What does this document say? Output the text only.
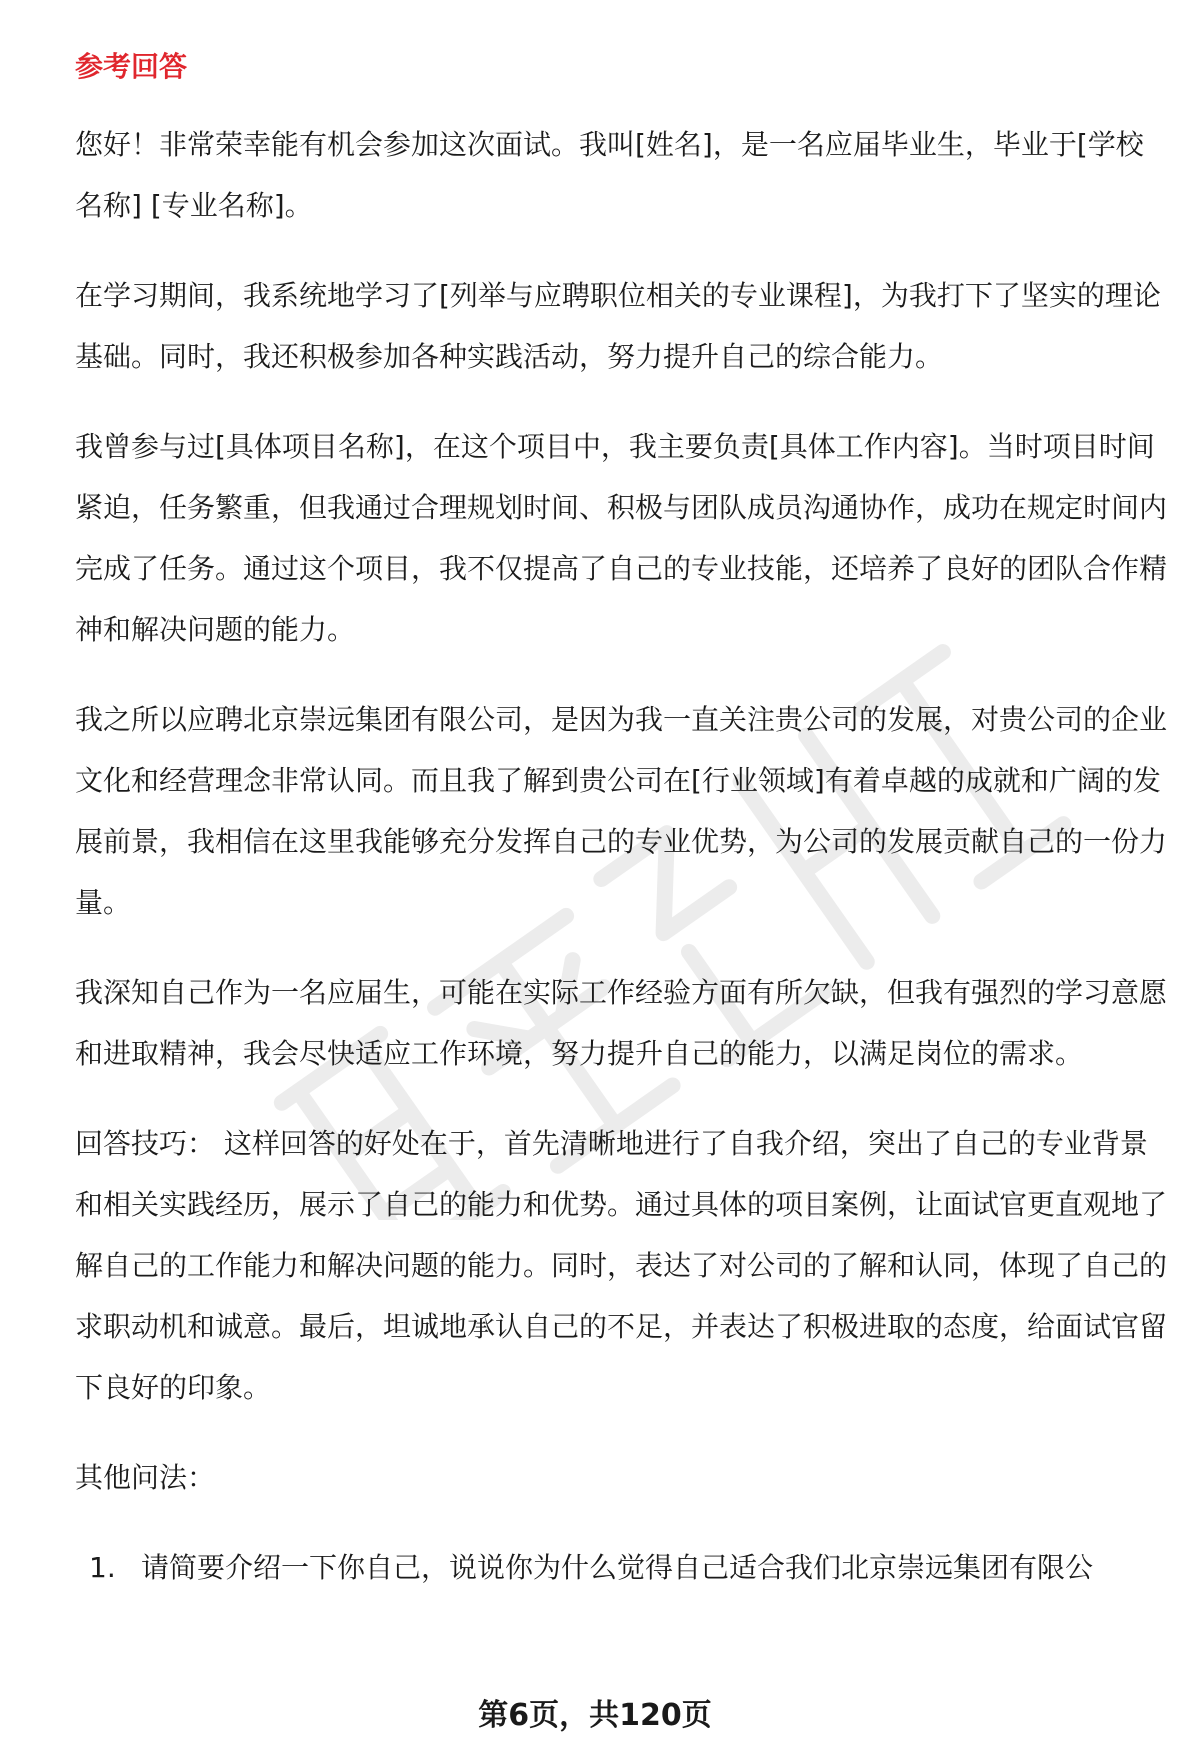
参考回答

您好！非常荣幸能有机会参加这次面试。我叫[姓名]，是一名应届毕业生，毕业于[学校名称] [专业名称]。

在学习期间，我系统地学习了[列举与应聘职位相关的专业课程]，为我打下了坚实的理论基础。同时，我还积极参加各种实践活动，努力提升自己的综合能力。

我曾参与过[具体项目名称]，在这个项目中，我主要负责[具体工作内容]。当时项目时间紧迫，任务繁重，但我通过合理规划时间、积极与团队成员沟通协作，成功在规定时间内完成了任务。通过这个项目，我不仅提高了自己的专业技能，还培养了良好的团队合作精神和解决问题的能力。

我之所以应聘北京崇远集团有限公司，是因为我一直关注贵公司的发展，对贵公司的企业文化和经营理念非常认同。而且我了解到贵公司在[行业领域]有着卓越的成就和广阔的发展前景，我相信在这里我能够充分发挥自己的专业优势，为公司的发展贡献自己的一份力量。

我深知自己作为一名应届生，可能在实际工作经验方面有所欠缺，但我有强烈的学习意愿和进取精神，我会尽快适应工作环境，努力提升自己的能力，以满足岗位的需求。

回答技巧： 这样回答的好处在于，首先清晰地进行了自我介绍，突出了自己的专业背景和相关实践经历，展示了自己的能力和优势。通过具体的项目案例，让面试官更直观地了解自己的工作能力和解决问题的能力。同时，表达了对公司的了解和认同，体现了自己的求职动机和诚意。最后，坦诚地承认自己的不足，并表达了积极进取的态度，给面试官留下良好的印象。

其他问法：

1. 请简要介绍一下你自己，说说你为什么觉得自己适合我们北京崇远集团有限公
第6页，共120页
